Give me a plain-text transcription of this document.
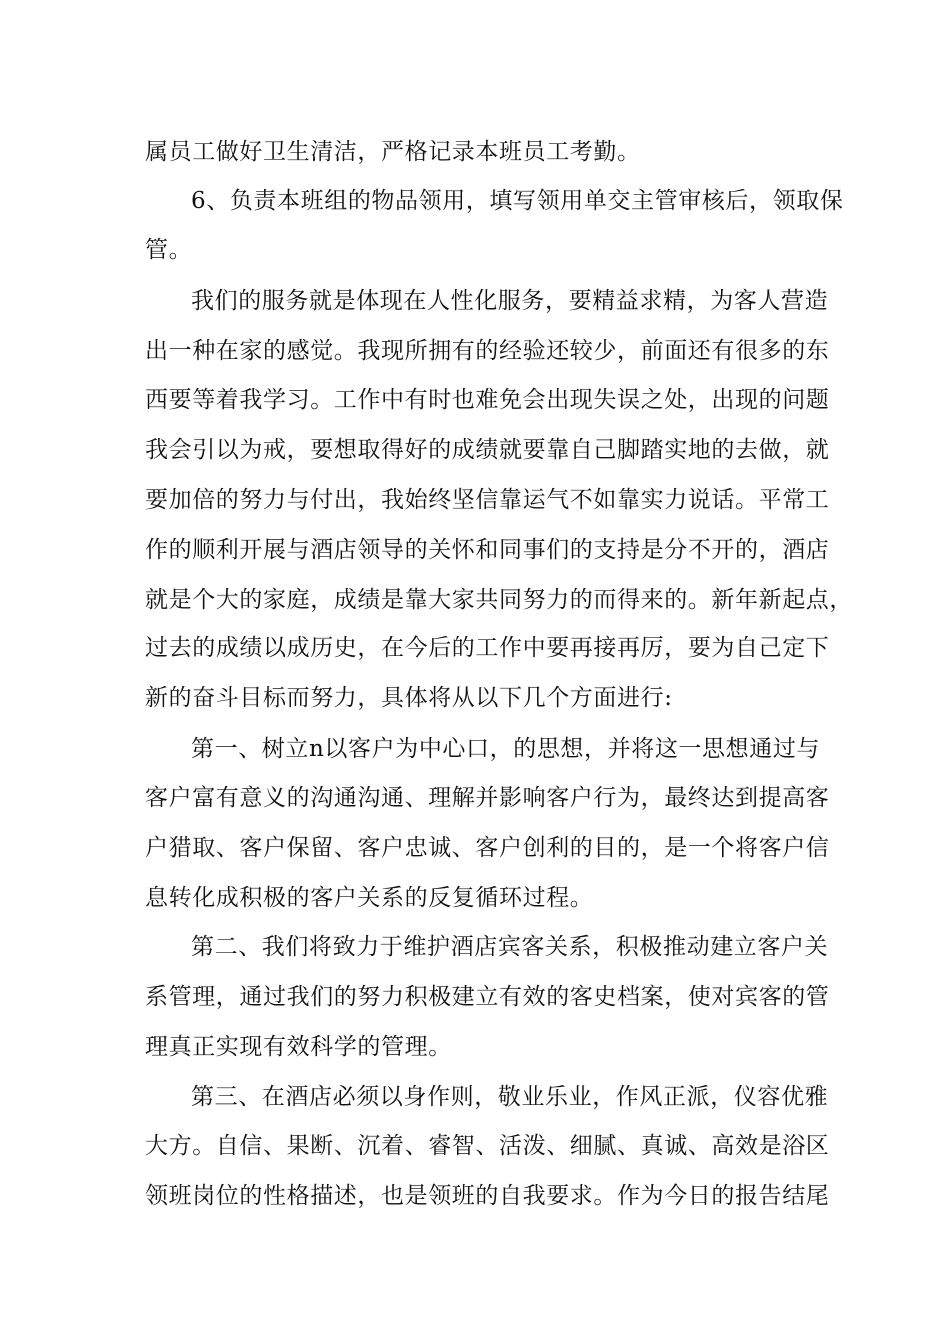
属员工做好卫生清洁，严格记录本班员工考勤。
6、负责本班组的物品领用，填写领用单交主管审核后，领取保
管。
我们的服务就是体现在人性化服务，要精益求精，为客人营造
出一种在家的感觉。我现所拥有的经验还较少，前面还有很多的东
西要等着我学习。工作中有时也难免会出现失误之处，出现的问题
我会引以为戒，要想取得好的成绩就要靠自己脚踏实地的去做，就
要加倍的努力与付出，我始终坚信靠运气不如靠实力说话。平常工
作的顺利开展与酒店领导的关怀和同事们的支持是分不开的，酒店
就是个大的家庭，成绩是靠大家共同努力的而得来的。新年新起点，
过去的成绩以成历史，在今后的工作中要再接再厉，要为自己定下
新的奋斗目标而努力，具体将从以下几个方面进行:
第一、树立n以客户为中心口，的思想，并将这一思想通过与
客户富有意义的沟通沟通、理解并影响客户行为，最终达到提高客
户猎取、客户保留、客户忠诚、客户创利的目的，是一个将客户信
息转化成积极的客户关系的反复循环过程。
第二、我们将致力于维护酒店宾客关系，积极推动建立客户关
系管理，通过我们的努力积极建立有效的客史档案，使对宾客的管
理真正实现有效科学的管理。
第三、在酒店必须以身作则，敬业乐业，作风正派，仪容优雅
大方。自信、果断、沉着、睿智、活泼、细腻、真诚、高效是浴区
领班岗位的性格描述，也是领班的自我要求。作为今日的报告结尾
